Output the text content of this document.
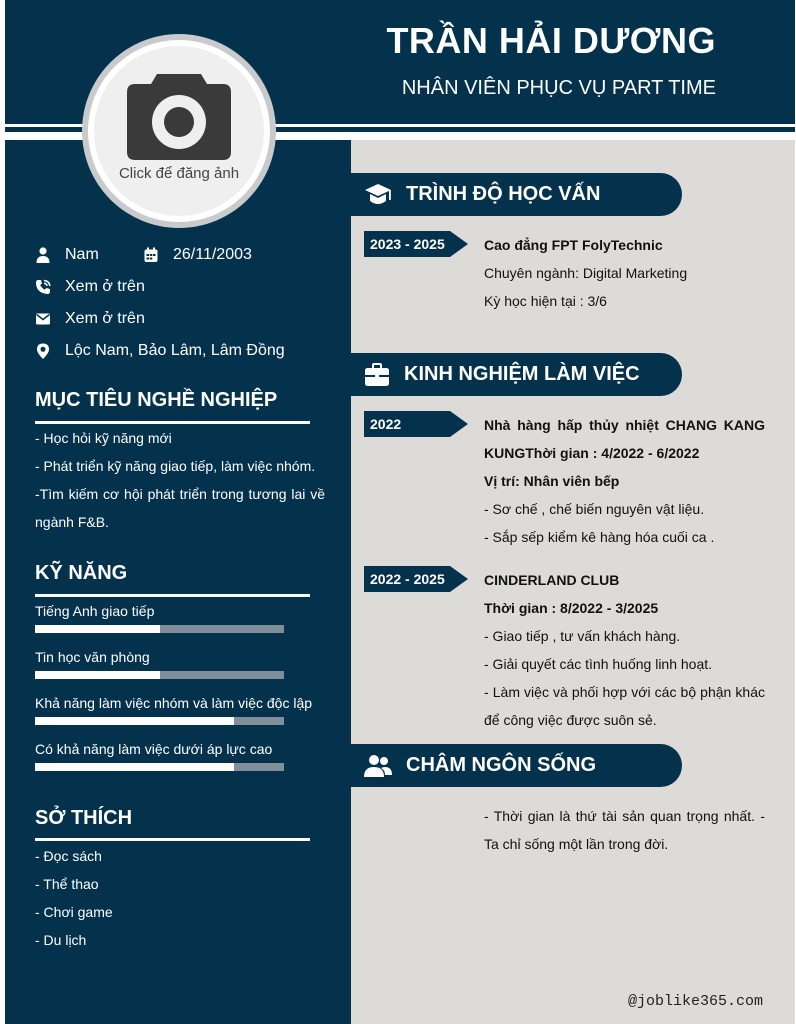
TRẦN HẢI DƯƠNG
NHÂN VIÊN PHỤC VỤ PART TIME
Click để đăng ảnh
Nam	26/11/2003
Xem ở trên
Xem ở trên
Lộc Nam, Bảo Lâm, Lâm Đồng
MỤC TIÊU NGHỀ NGHIỆP

- Học hỏi kỹ năng mới

- Phát triển kỹ năng giao tiếp, làm việc nhóm.

-Tìm kiếm cơ hội phát triển trong tương lai về ngành F&B.

KỸ NĂNG
Tiếng Anh giao tiếp
Tin học văn phòng
Khả năng làm việc nhóm và làm việc độc lập
Có khả năng làm việc dưới áp lực cao
SỞ THÍCH

- Đọc sách

- Thể thao

- Chơi game

- Du lịch

TRÌNH ĐỘ HỌC VẤN
2023 - 2025	Cao đẳng FPT FolyTechnic

Chuyên ngành: Digital Marketing

Kỳ học hiện tại : 3/6

KINH NGHIỆM LÀM VIỆC
2022	Nhà hàng hấp thủy nhiệt CHANG KANG KUNGThời gian : 4/2022 - 6/2022

Vị trí: Nhân viên bếp

- Sơ chế , chế biến nguyên vật liệu.

- Sắp sếp kiểm kê hàng hóa cuối ca .

2022 - 2025	CINDERLAND CLUB

Thời gian : 8/2022 - 3/2025

- Giao tiếp , tư vấn khách hàng.

- Giải quyết các tình huống linh hoạt.

- Làm việc và phối hợp với các bộ phận khác để công việc được suôn sẻ.

CHÂM NGÔN SỐNG

- Thời gian là thứ tài sản quan trọng nhất. - Ta chỉ sống một lần trong đời.

@joblike365.com
